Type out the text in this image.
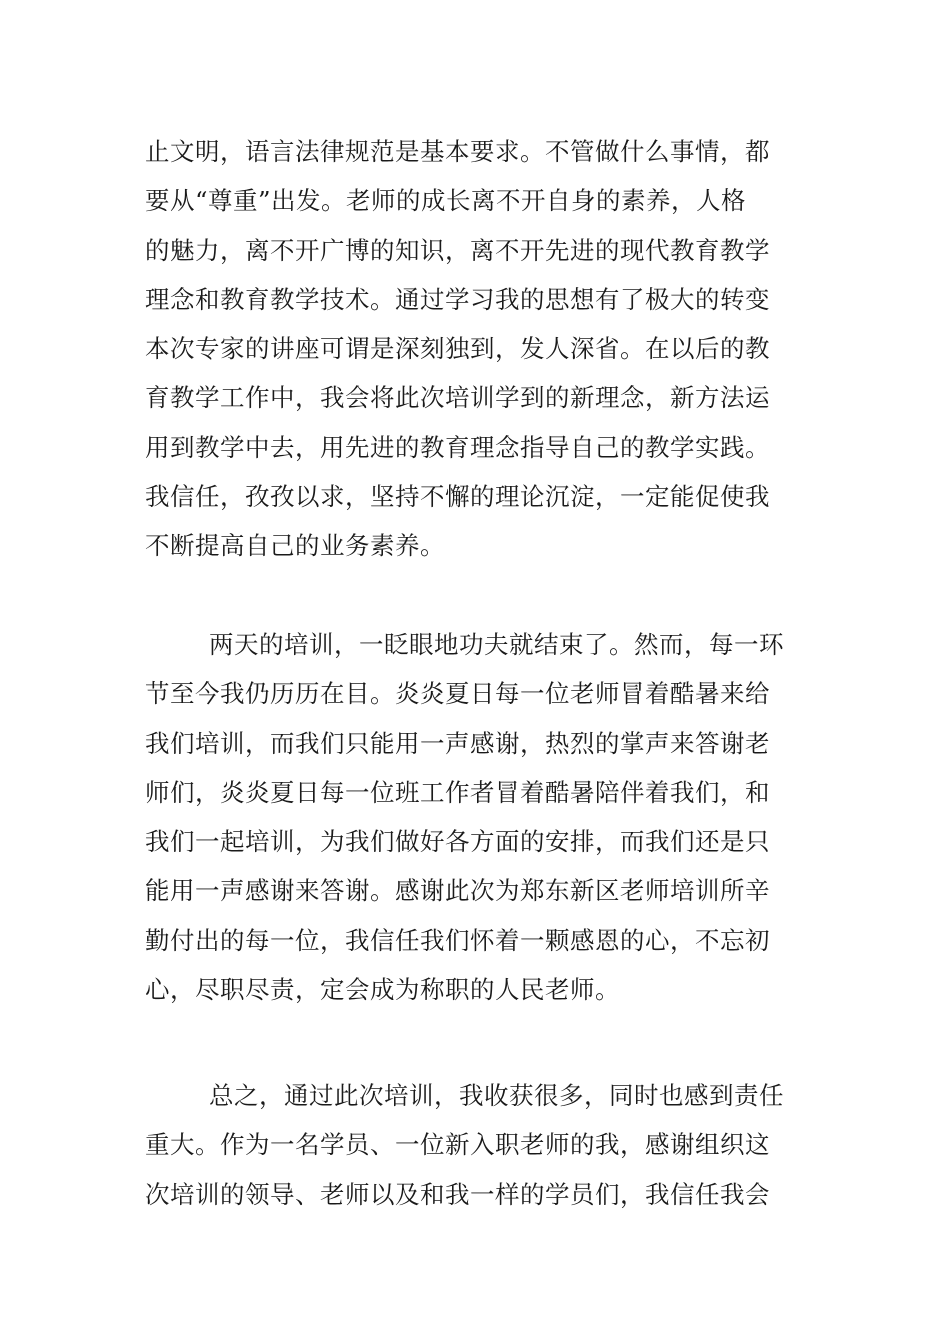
止文明，语言法律规范是基本要求。不管做什么事情，都
要从“尊重”出发。老师的成长离不开自身的素养，人格
的魅力，离不开广博的知识，离不开先进的现代教育教学
理念和教育教学技术。通过学习我的思想有了极大的转变
本次专家的讲座可谓是深刻独到，发人深省。在以后的教
育教学工作中，我会将此次培训学到的新理念，新方法运
用到教学中去，用先进的教育理念指导自己的教学实践。
我信任，孜孜以求，坚持不懈的理论沉淀，一定能促使我
不断提高自己的业务素养。
两天的培训，一眨眼地功夫就结束了。然而，每一环
节至今我仍历历在目。炎炎夏日每一位老师冒着酷暑来给
我们培训，而我们只能用一声感谢，热烈的掌声来答谢老
师们，炎炎夏日每一位班工作者冒着酷暑陪伴着我们，和
我们一起培训，为我们做好各方面的安排，而我们还是只
能用一声感谢来答谢。感谢此次为郑东新区老师培训所辛
勤付出的每一位，我信任我们怀着一颗感恩的心，不忘初
心，尽职尽责，定会成为称职的人民老师。
总之，通过此次培训，我收获很多，同时也感到责任
重大。作为一名学员、一位新入职老师的我，感谢组织这
次培训的领导、老师以及和我一样的学员们，我信任我会
